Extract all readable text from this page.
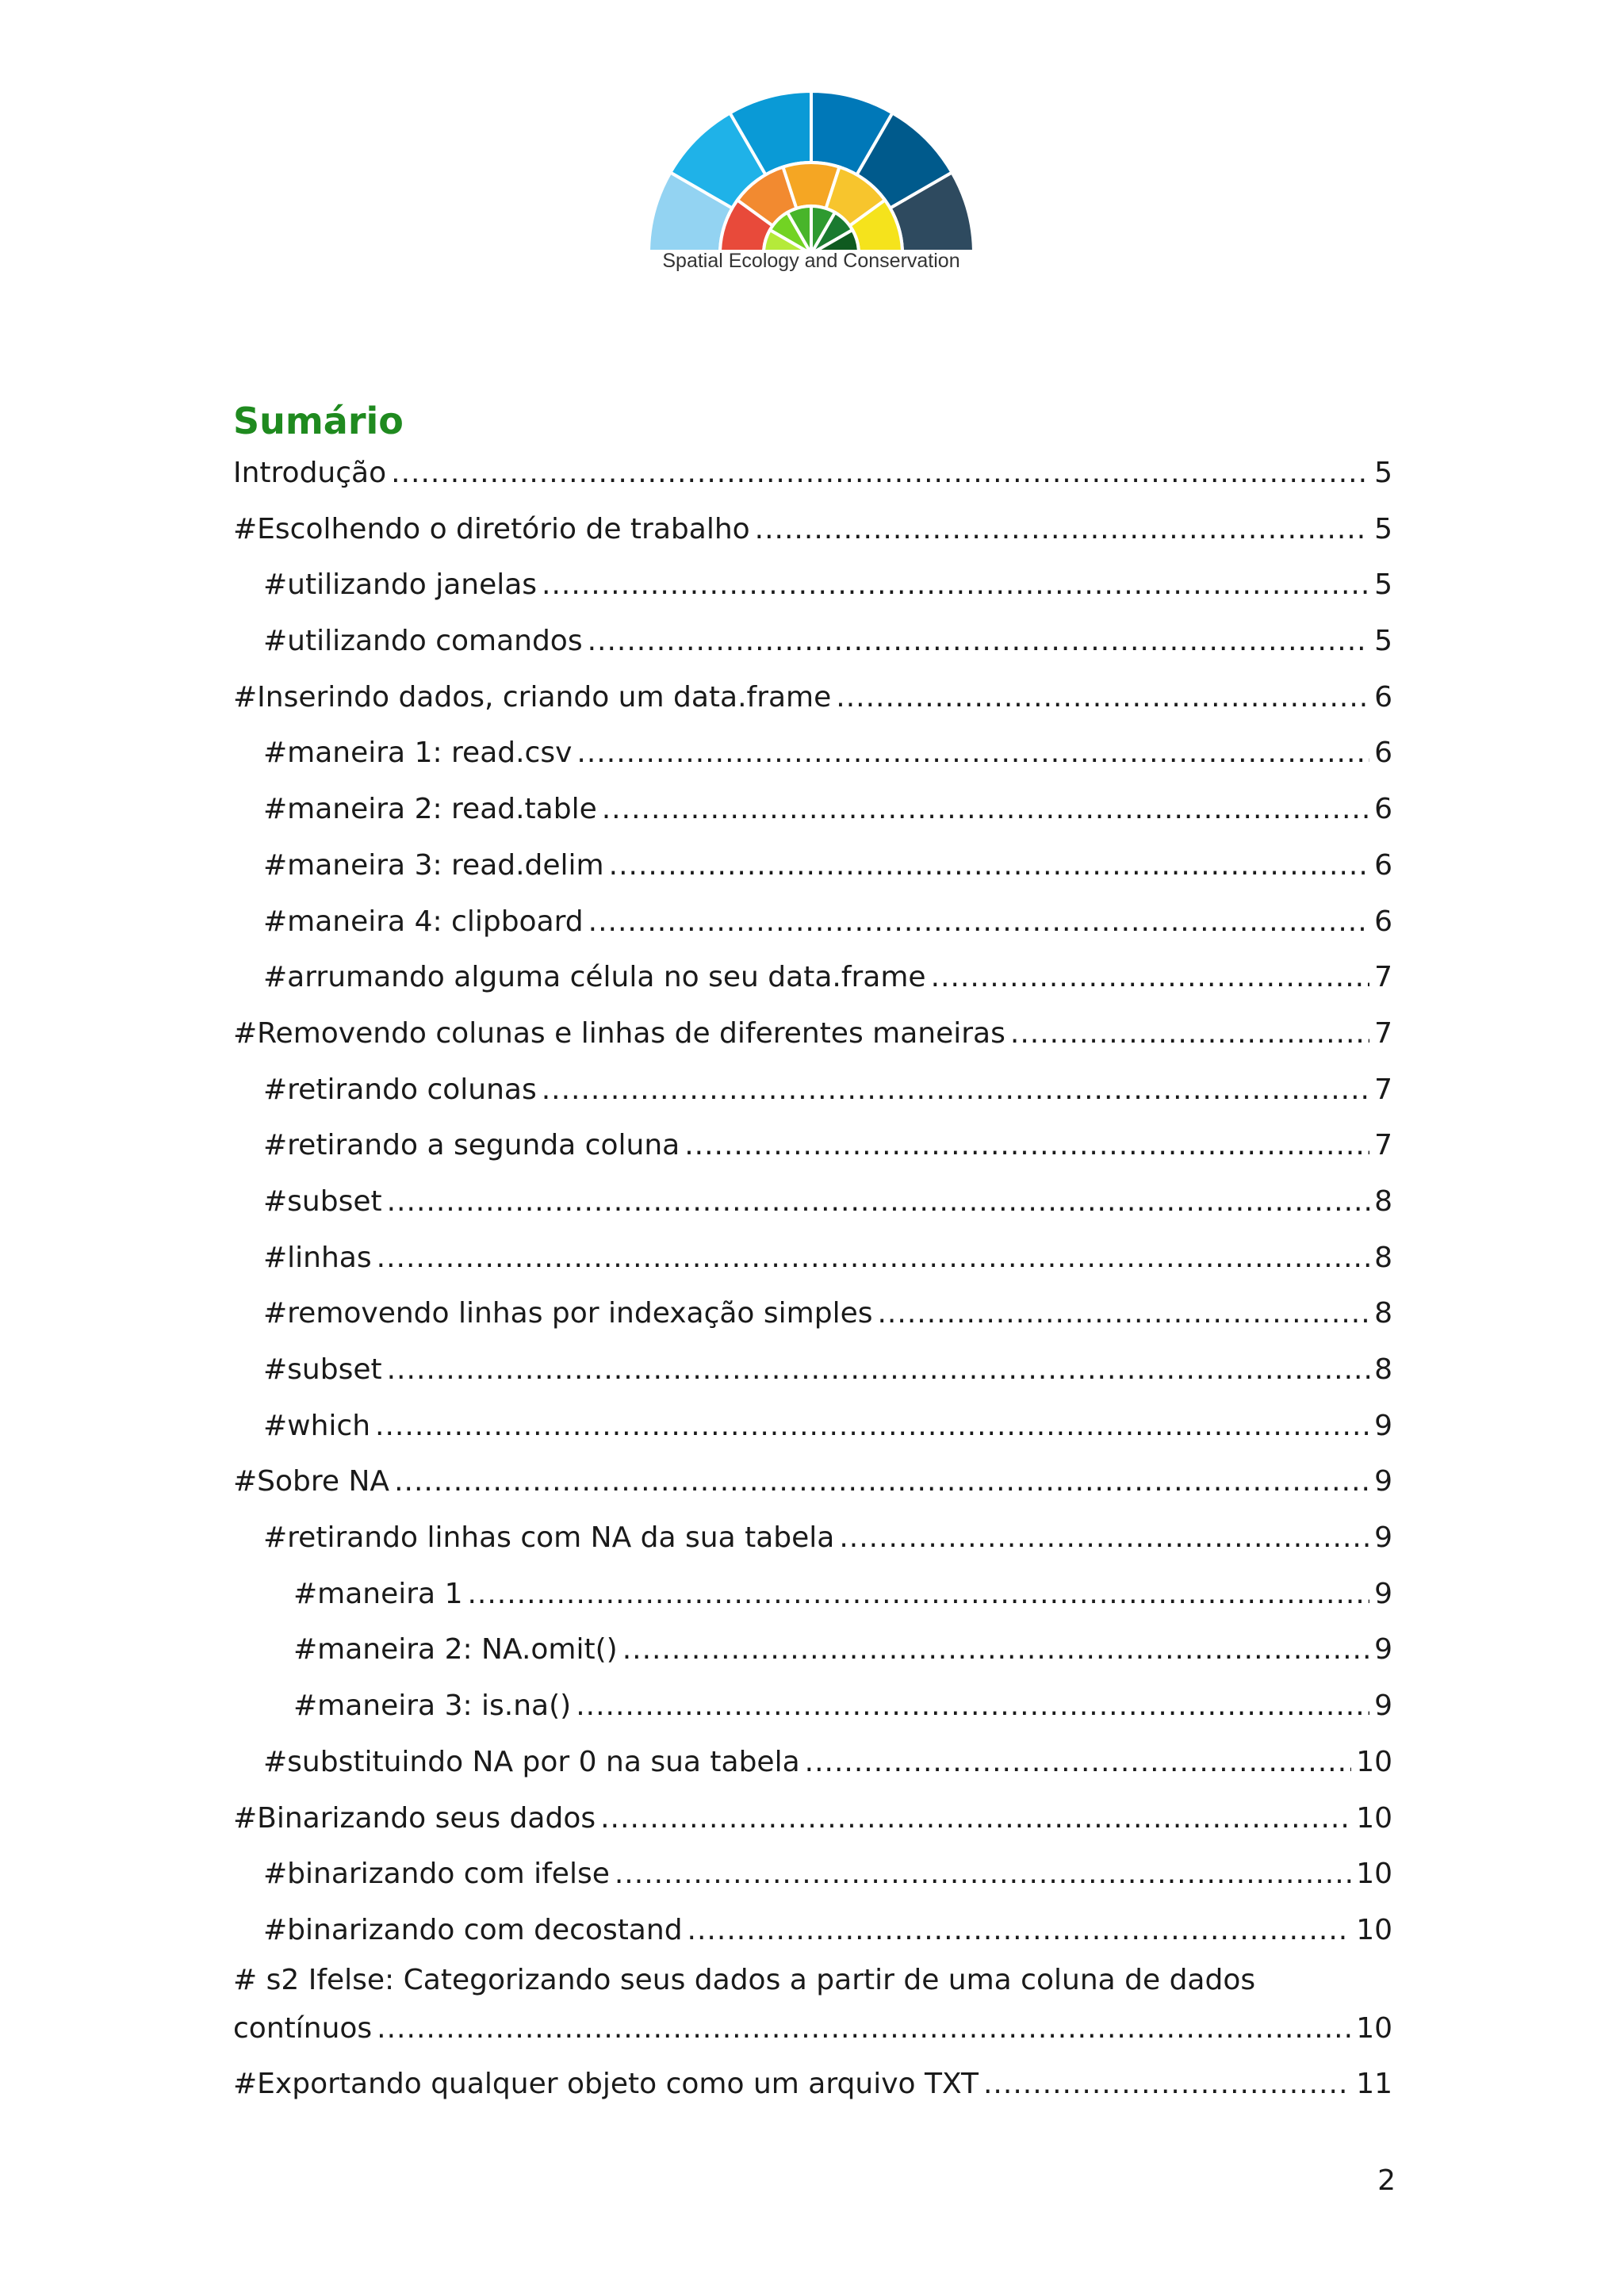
Spatial Ecology and Conservation
Sumário
Introdução .....	5
#Escolhendo o diretório de trabalho .....	5
#utilizando janelas .....	5
#utilizando comandos .....	5
#Inserindo dados, criando um data.frame .....	6
#maneira 1: read.csv .....	6
#maneira 2: read.table .....	6
#maneira 3: read.delim .....	6
#maneira 4: clipboard .....	6
#arrumando alguma célula no seu data.frame .....	7
#Removendo colunas e linhas de diferentes maneiras .....	7
#retirando colunas .....	7
#retirando a segunda coluna .....	7
#subset .....	8
#linhas .....	8
#removendo linhas por indexação simples .....	8
#subset .....	8
#which .....	9
#Sobre NA .....	9
#retirando linhas com NA da sua tabela .....	9
#maneira 1 .....	9
#maneira 2: NA.omit() .....	9
#maneira 3: is.na() .....	9
#substituindo NA por 0 na sua tabela .....	10
#Binarizando seus dados .....	10
#binarizando com ifelse .....	10
#binarizando com decostand .....	10
# s2 Ifelse: Categorizando seus dados a partir de uma coluna de dados
contínuos .....	10
#Exportando qualquer objeto como um arquivo TXT .....	11
2
